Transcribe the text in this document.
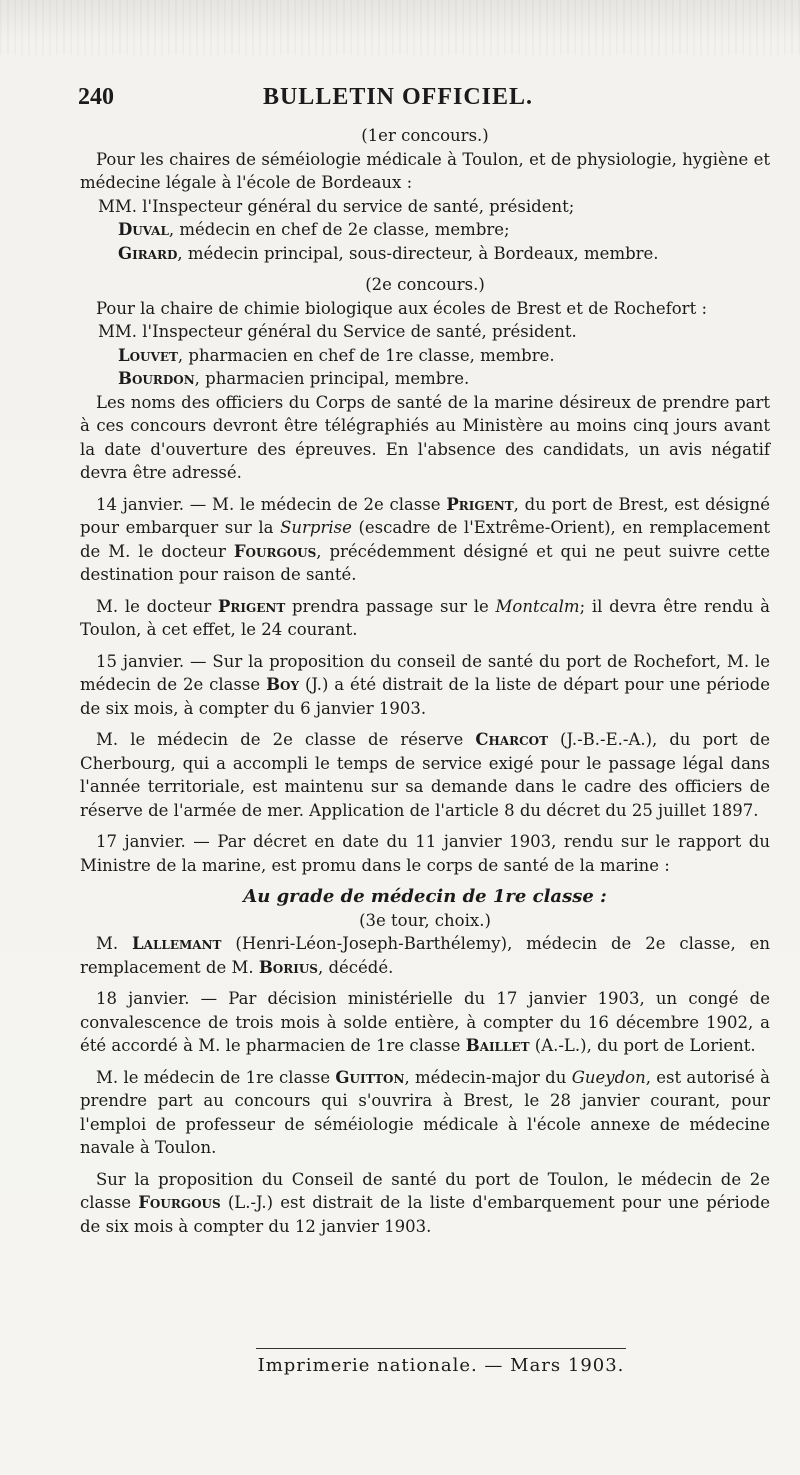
240	BULLETIN OFFICIEL.

(1er concours.)

Pour les chaires de séméiologie médicale à Toulon, et de physiologie, hygiène et médecine légale à l'école de Bordeaux :

MM. l'Inspecteur général du service de santé, président;

Duval, médecin en chef de 2e classe, membre;

Girard, médecin principal, sous-directeur, à Bordeaux, membre.

(2e concours.)

Pour la chaire de chimie biologique aux écoles de Brest et de Rochefort :

MM. l'Inspecteur général du Service de santé, président.

Louvet, pharmacien en chef de 1re classe, membre.

Bourdon, pharmacien principal, membre.

Les noms des officiers du Corps de santé de la marine désireux de prendre part à ces concours devront être télégraphiés au Ministère au moins cinq jours avant la date d'ouverture des épreuves. En l'absence des candidats, un avis négatif devra être adressé.

14 janvier. — M. le médecin de 2e classe Prigent, du port de Brest, est désigné pour embarquer sur la Surprise (escadre de l'Extrême-Orient), en remplacement de M. le docteur Fourgous, précédemment désigné et qui ne peut suivre cette destination pour raison de santé.

M. le docteur Prigent prendra passage sur le Montcalm; il devra être rendu à Toulon, à cet effet, le 24 courant.

15 janvier. — Sur la proposition du conseil de santé du port de Rochefort, M. le médecin de 2e classe Boy (J.) a été distrait de la liste de départ pour une période de six mois, à compter du 6 janvier 1903.

M. le médecin de 2e classe de réserve Charcot (J.-B.-E.-A.), du port de Cherbourg, qui a accompli le temps de service exigé pour le passage légal dans l'année territoriale, est maintenu sur sa demande dans le cadre des officiers de réserve de l'armée de mer. Application de l'article 8 du décret du 25 juillet 1897.

17 janvier. — Par décret en date du 11 janvier 1903, rendu sur le rapport du Ministre de la marine, est promu dans le corps de santé de la marine :

Au grade de médecin de 1re classe :

(3e tour, choix.)

M. Lallemant (Henri-Léon-Joseph-Barthélemy), médecin de 2e classe, en remplacement de M. Borius, décédé.

18 janvier. — Par décision ministérielle du 17 janvier 1903, un congé de convalescence de trois mois à solde entière, à compter du 16 décembre 1902, a été accordé à M. le pharmacien de 1re classe Baillet (A.-L.), du port de Lorient.

M. le médecin de 1re classe Guitton, médecin-major du Gueydon, est autorisé à prendre part au concours qui s'ouvrira à Brest, le 28 janvier courant, pour l'emploi de professeur de séméiologie médicale à l'école annexe de médecine navale à Toulon.

Sur la proposition du Conseil de santé du port de Toulon, le médecin de 2e classe Fourgous (L.-J.) est distrait de la liste d'embarquement pour une période de six mois à compter du 12 janvier 1903.

Imprimerie nationale. — Mars 1903.
